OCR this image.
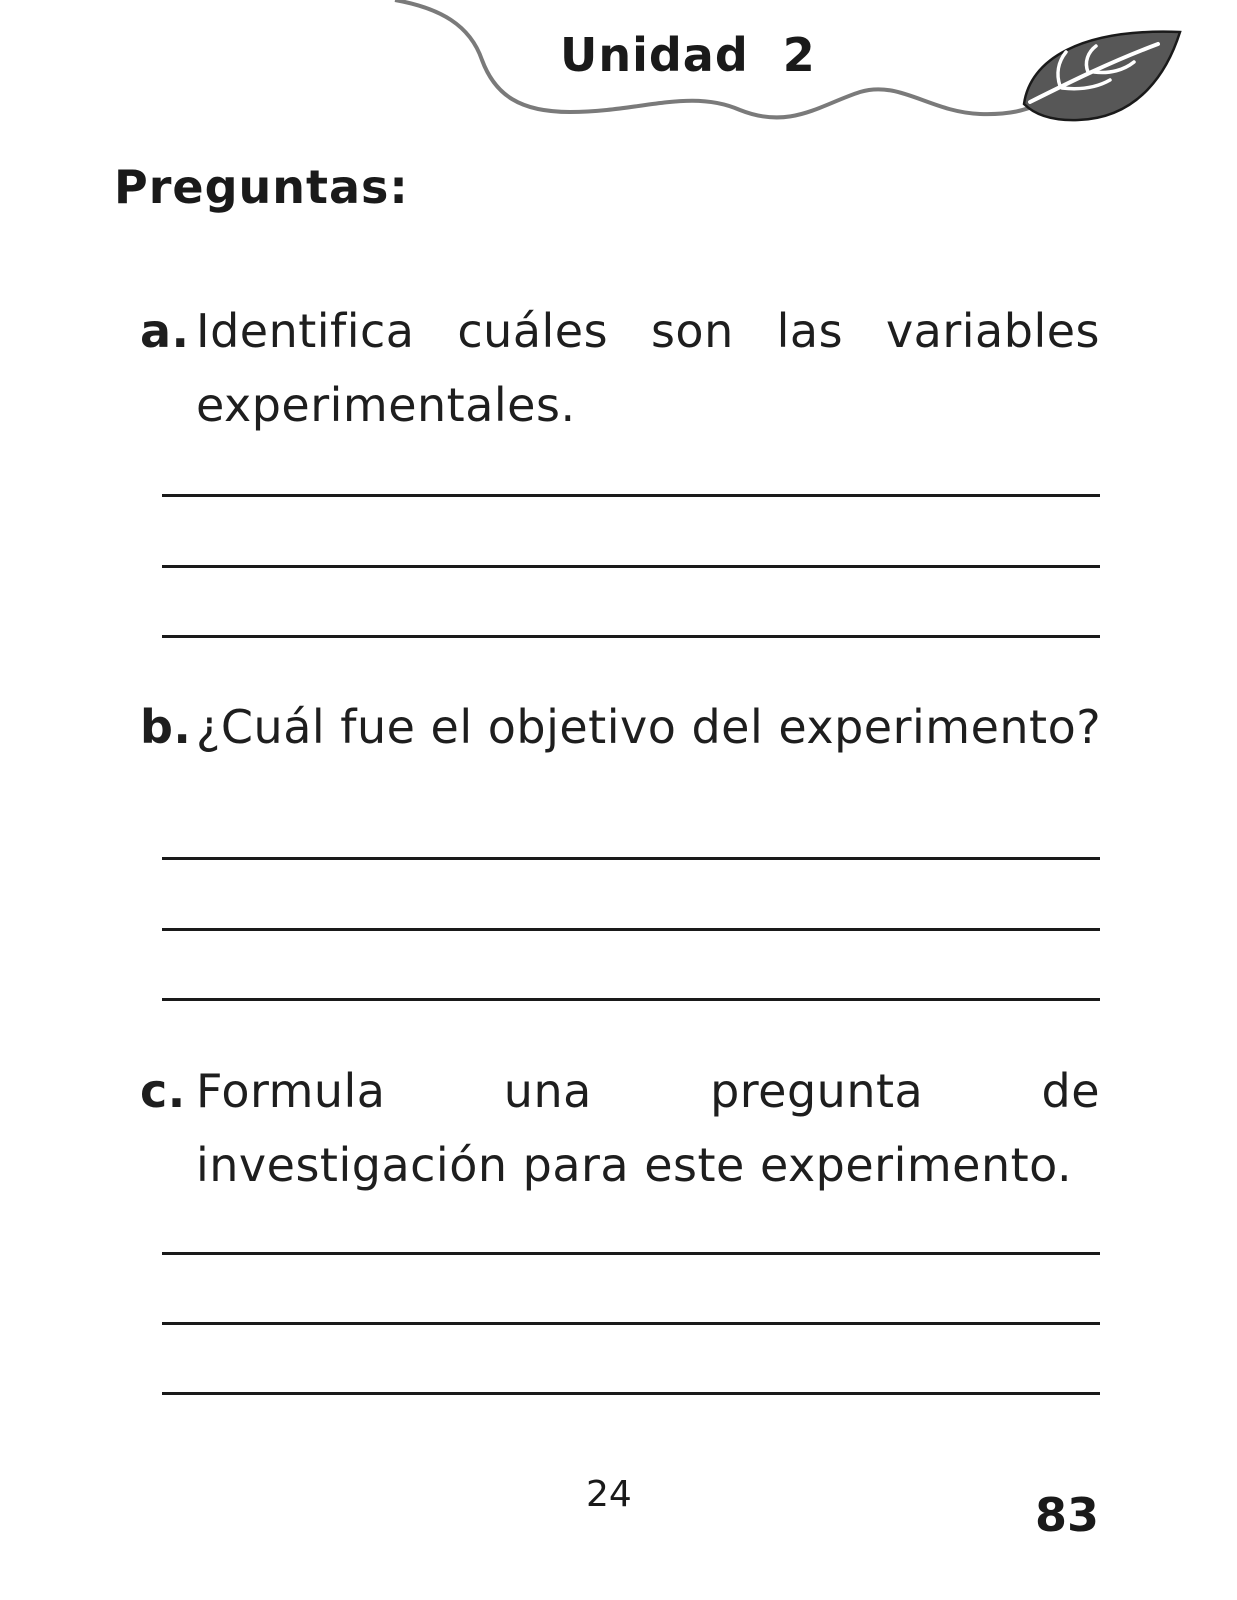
Unidad  2
Preguntas:
a. Identifica cuáles son las variables experimentales.
b. ¿Cuál fue el objetivo del experimento?
c. Formula una pregunta de investigación para este experimento.
24	83
